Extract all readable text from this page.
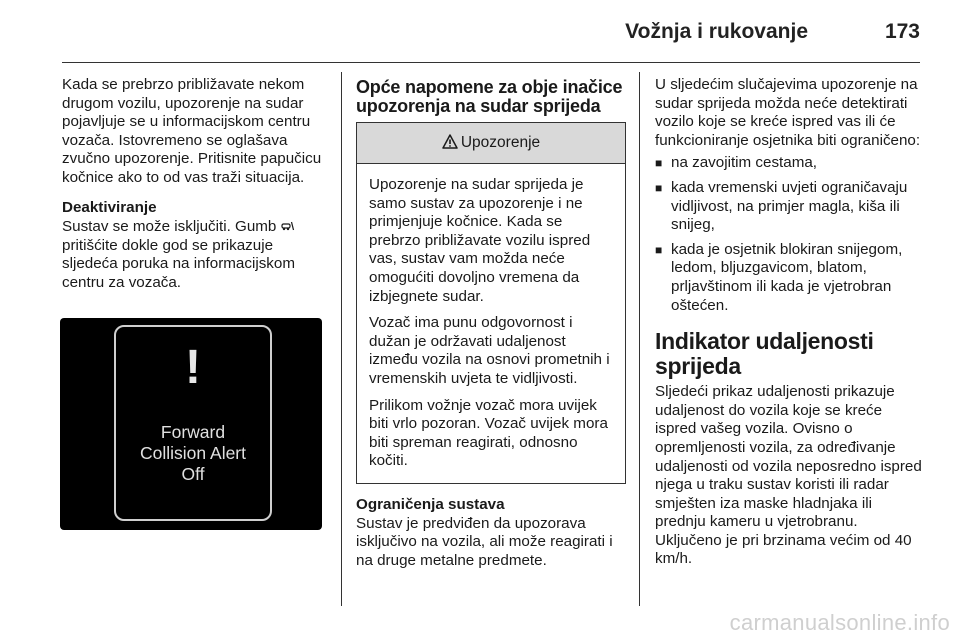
Vožnja i rukovanje	173

Kada se prebrzo približavate nekom drugom vozilu, upozorenje na sudar pojavljuje se u informacijskom centru vozača. Istovremeno se oglašava zvučno upozorenje. Pritisnite papučicu kočnice ako to od vas traži situacija.

Deaktiviranje

Sustav se može isključiti. Gumb  pritišćite dokle god se prikazuje sljedeća poruka na informacijskom centru za vozača.

!
Forward
Collision Alert
Off
Opće napomene za obje inačice upozorenja na sudar sprijeda
Upozorenje

Upozorenje na sudar sprijeda je samo sustav za upozorenje i ne primjenjuje kočnice. Kada se prebrzo približavate vozilu ispred vas, sustav vam možda neće omogućiti dovoljno vremena da izbjegnete sudar.

Vozač ima punu odgovornost i dužan je održavati udaljenost između vozila na osnovi prometnih i vremenskih uvjeta te vidljivosti.

Prilikom vožnje vozač mora uvijek biti vrlo pozoran. Vozač uvijek mora biti spreman reagirati, odnosno kočiti.

Ograničenja sustava

Sustav je predviđen da upozorava isključivo na vozila, ali može reagirati i na druge metalne predmete.

U sljedećim slučajevima upozorenje na sudar sprijeda možda neće detektirati vozilo koje se kreće ispred vas ili će funkcioniranje osjetnika biti ograničeno:

■ na zavojitim cestama,
■ kada vremenski uvjeti ograničavaju vidljivost, na primjer magla, kiša ili snijeg,
■ kada je osjetnik blokiran snijegom, ledom, bljuzgavicom, blatom, prljavštinom ili kada je vjetrobran oštećen.
Indikator udaljenosti sprijeda

Sljedeći prikaz udaljenosti prikazuje udaljenost do vozila koje se kreće ispred vašeg vozila. Ovisno o opremljenosti vozila, za određivanje udaljenosti od vozila neposredno ispred njega u traku sustav koristi ili radar smješten iza maske hladnjaka ili prednju kameru u vjetrobranu. Uključeno je pri brzinama većim od 40 km/h.

carmanualsonline.info
